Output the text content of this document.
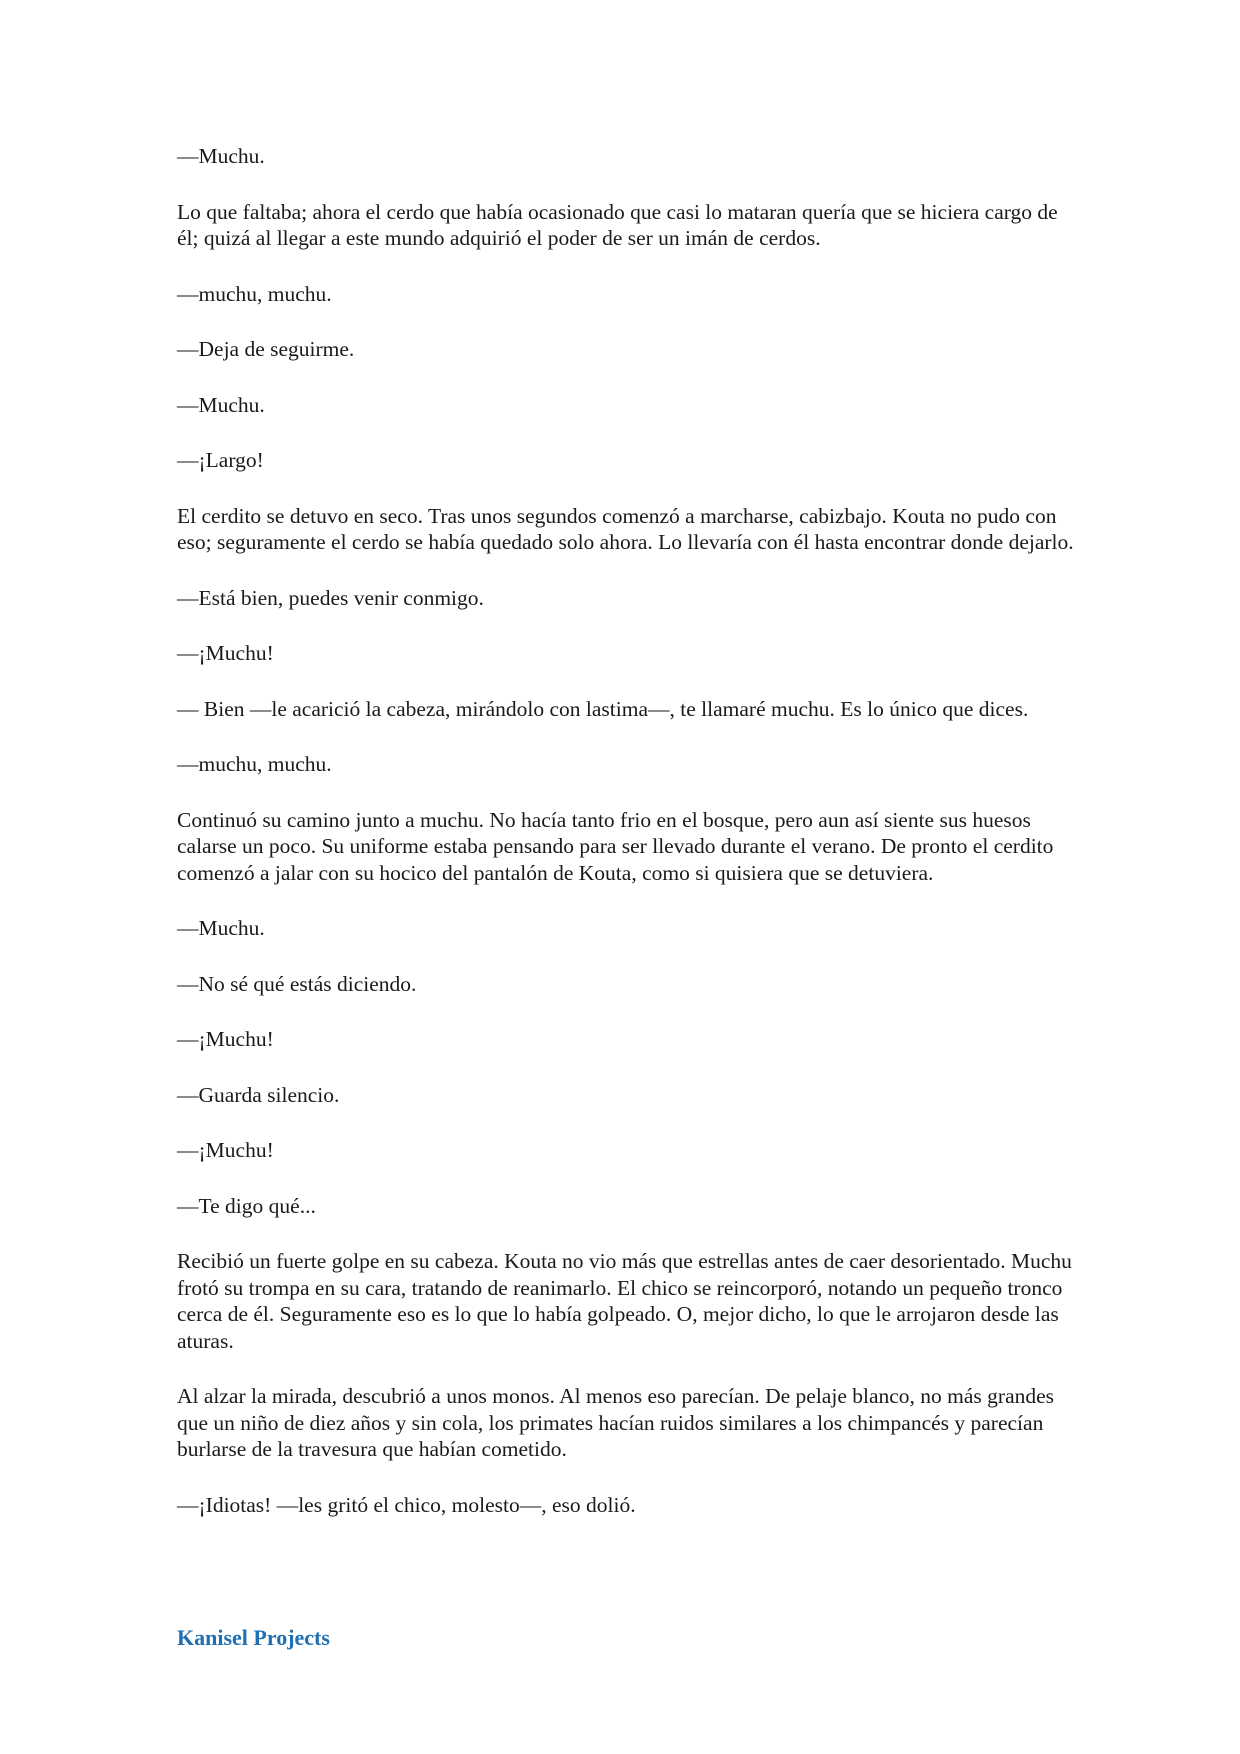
—Muchu.

Lo que faltaba; ahora el cerdo que había ocasionado que casi lo mataran quería que se hiciera cargo de él; quizá al llegar a este mundo adquirió el poder de ser un imán de cerdos.

—muchu, muchu.

—Deja de seguirme.

—Muchu.

—¡Largo!

El cerdito se detuvo en seco. Tras unos segundos comenzó a marcharse, cabizbajo. Kouta no pudo con eso; seguramente el cerdo se había quedado solo ahora. Lo llevaría con él hasta encontrar donde dejarlo.

—Está bien, puedes venir conmigo.

—¡Muchu!

— Bien —le acarició la cabeza, mirándolo con lastima—, te llamaré muchu. Es lo único que dices.

—muchu, muchu.

Continuó su camino junto a muchu. No hacía tanto frio en el bosque, pero aun así siente sus huesos calarse un poco. Su uniforme estaba pensando para ser llevado durante el verano. De pronto el cerdito comenzó a jalar con su hocico del pantalón de Kouta, como si quisiera que se detuviera.

—Muchu.

—No sé qué estás diciendo.

—¡Muchu!

—Guarda silencio.

—¡Muchu!

—Te digo qué...

Recibió un fuerte golpe en su cabeza. Kouta no vio más que estrellas antes de caer desorientado. Muchu frotó su trompa en su cara, tratando de reanimarlo. El chico se reincorporó, notando un pequeño tronco cerca de él. Seguramente eso es lo que lo había golpeado. O, mejor dicho, lo que le arrojaron desde las aturas.

Al alzar la mirada, descubrió a unos monos. Al menos eso parecían. De pelaje blanco, no más grandes que un niño de diez años y sin cola, los primates hacían ruidos similares a los chimpancés y parecían burlarse de la travesura que habían cometido.

—¡Idiotas! —les gritó el chico, molesto—, eso dolió.

Kanisel Projects
